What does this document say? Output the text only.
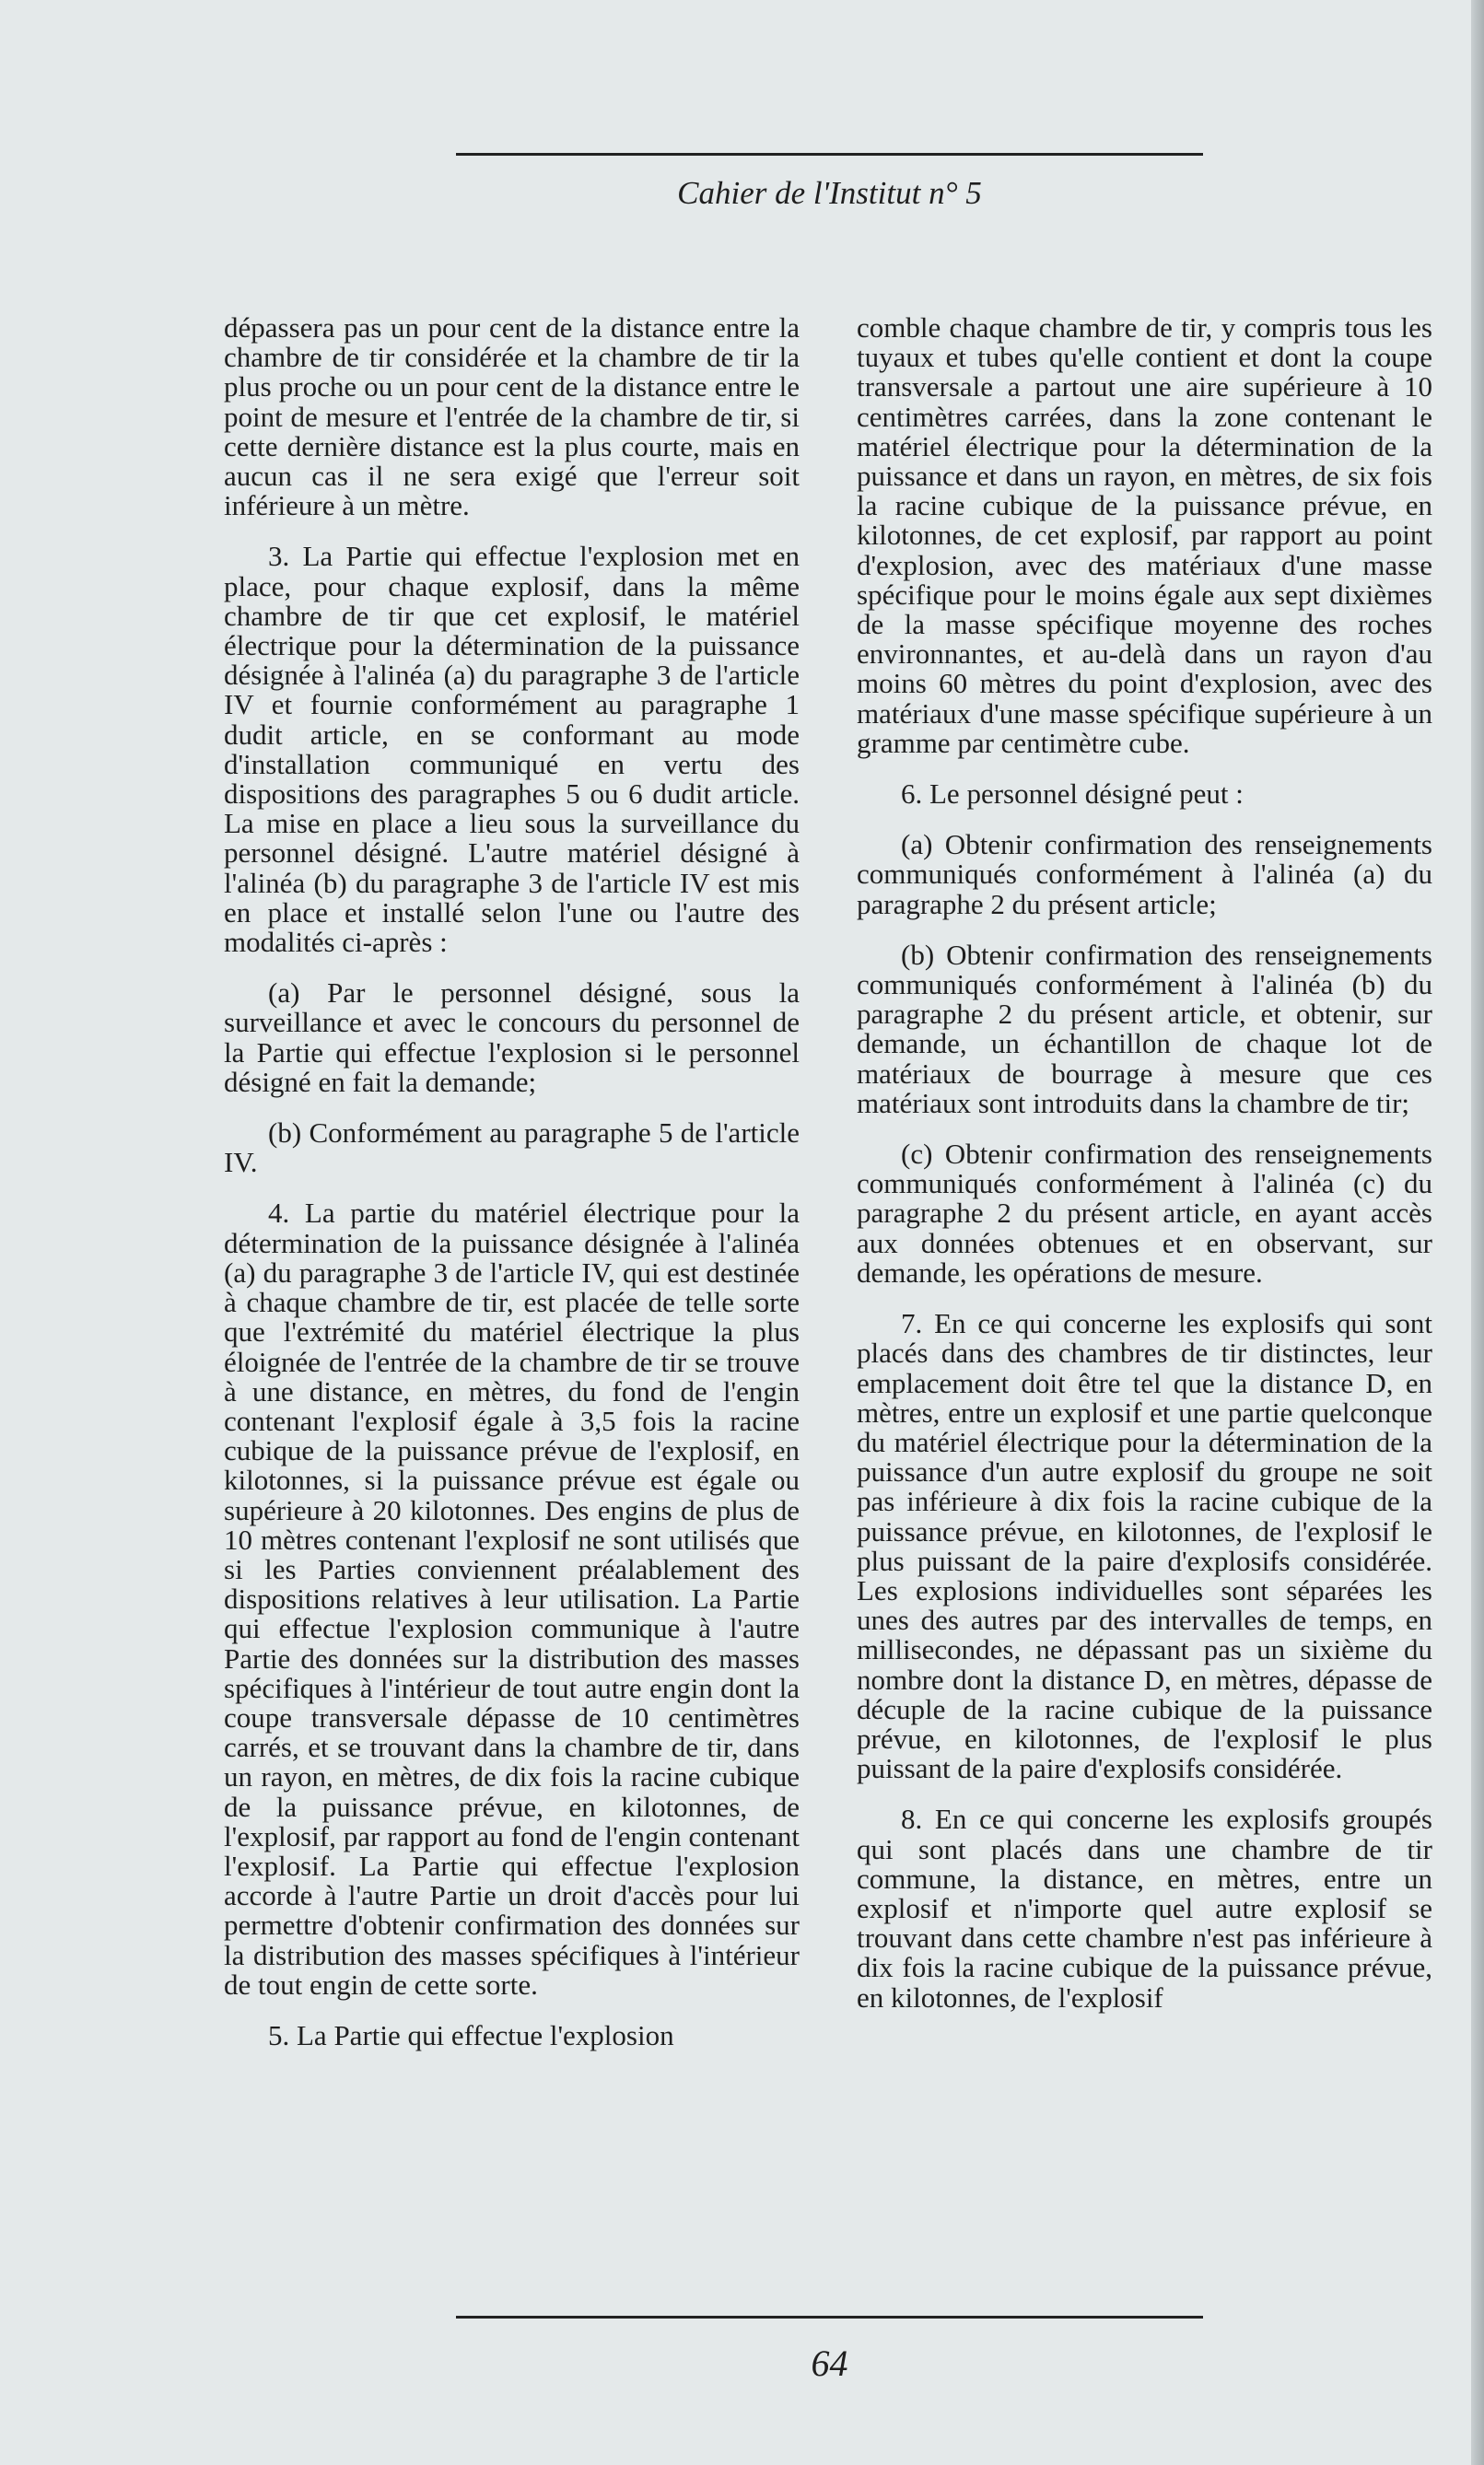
Cahier de l'Institut n° 5

dépassera pas un pour cent de la distance entre la chambre de tir considérée et la chambre de tir la plus proche ou un pour cent de la distance entre le point de mesure et l'entrée de la chambre de tir, si cette dernière distance est la plus courte, mais en aucun cas il ne sera exigé que l'erreur soit inférieure à un mètre.

3. La Partie qui effectue l'explosion met en place, pour chaque explosif, dans la même chambre de tir que cet explosif, le matériel électrique pour la détermination de la puissance désignée à l'alinéa (a) du paragraphe 3 de l'article IV et fournie conformément au paragraphe 1 dudit article, en se conformant au mode d'installation communiqué en vertu des dispositions des paragraphes 5 ou 6 dudit article. La mise en place a lieu sous la surveillance du personnel désigné. L'autre matériel désigné à l'alinéa (b) du paragraphe 3 de l'article IV est mis en place et installé selon l'une ou l'autre des modalités ci-après :

(a) Par le personnel désigné, sous la surveillance et avec le concours du personnel de la Partie qui effectue l'explosion si le personnel désigné en fait la demande;

(b) Conformément au paragraphe 5 de l'article IV.

4. La partie du matériel électrique pour la détermination de la puissance désignée à l'alinéa (a) du paragraphe 3 de l'article IV, qui est destinée à chaque chambre de tir, est placée de telle sorte que l'extrémité du matériel électrique la plus éloignée de l'entrée de la chambre de tir se trouve à une distance, en mètres, du fond de l'engin contenant l'explosif égale à 3,5 fois la racine cubique de la puissance prévue de l'explosif, en kilotonnes, si la puissance prévue est égale ou supérieure à 20 kilotonnes. Des engins de plus de 10 mètres contenant l'explosif ne sont utilisés que si les Parties conviennent préalablement des dispositions relatives à leur utilisation. La Partie qui effectue l'explosion communique à l'autre Partie des données sur la distribution des masses spécifiques à l'intérieur de tout autre engin dont la coupe transversale dépasse de 10 centimètres carrés, et se trouvant dans la chambre de tir, dans un rayon, en mètres, de dix fois la racine cubique de la puissance prévue, en kilotonnes, de l'explosif, par rapport au fond de l'engin contenant l'explosif. La Partie qui effectue l'explosion accorde à l'autre Partie un droit d'accès pour lui permettre d'obtenir confirmation des données sur la distribution des masses spécifiques à l'intérieur de tout engin de cette sorte.

5. La Partie qui effectue l'explosion

comble chaque chambre de tir, y compris tous les tuyaux et tubes qu'elle contient et dont la coupe transversale a partout une aire supérieure à 10 centimètres carrées, dans la zone contenant le matériel électrique pour la détermination de la puissance et dans un rayon, en mètres, de six fois la racine cubique de la puissance prévue, en kilotonnes, de cet explosif, par rapport au point d'explosion, avec des matériaux d'une masse spécifique pour le moins égale aux sept dixièmes de la masse spécifique moyenne des roches environnantes, et au-delà dans un rayon d'au moins 60 mètres du point d'explosion, avec des matériaux d'une masse spécifique supérieure à un gramme par centimètre cube.

6. Le personnel désigné peut :

(a) Obtenir confirmation des renseignements communiqués conformément à l'alinéa (a) du paragraphe 2 du présent article;

(b) Obtenir confirmation des renseignements communiqués conformément à l'alinéa (b) du paragraphe 2 du présent article, et obtenir, sur demande, un échantillon de chaque lot de matériaux de bourrage à mesure que ces matériaux sont introduits dans la chambre de tir;

(c) Obtenir confirmation des renseignements communiqués conformément à l'alinéa (c) du paragraphe 2 du présent article, en ayant accès aux données obtenues et en observant, sur demande, les opérations de mesure.

7. En ce qui concerne les explosifs qui sont placés dans des chambres de tir distinctes, leur emplacement doit être tel que la distance D, en mètres, entre un explosif et une partie quelconque du matériel électrique pour la détermination de la puissance d'un autre explosif du groupe ne soit pas inférieure à dix fois la racine cubique de la puissance prévue, en kilotonnes, de l'explosif le plus puissant de la paire d'explosifs considérée. Les explosions individuelles sont séparées les unes des autres par des intervalles de temps, en millisecondes, ne dépassant pas un sixième du nombre dont la distance D, en mètres, dépasse de décuple de la racine cubique de la puissance prévue, en kilotonnes, de l'explosif le plus puissant de la paire d'explosifs considérée.

8. En ce qui concerne les explosifs groupés qui sont placés dans une chambre de tir commune, la distance, en mètres, entre un explosif et n'importe quel autre explosif se trouvant dans cette chambre n'est pas inférieure à dix fois la racine cubique de la puissance prévue, en kilotonnes, de l'explosif

64
